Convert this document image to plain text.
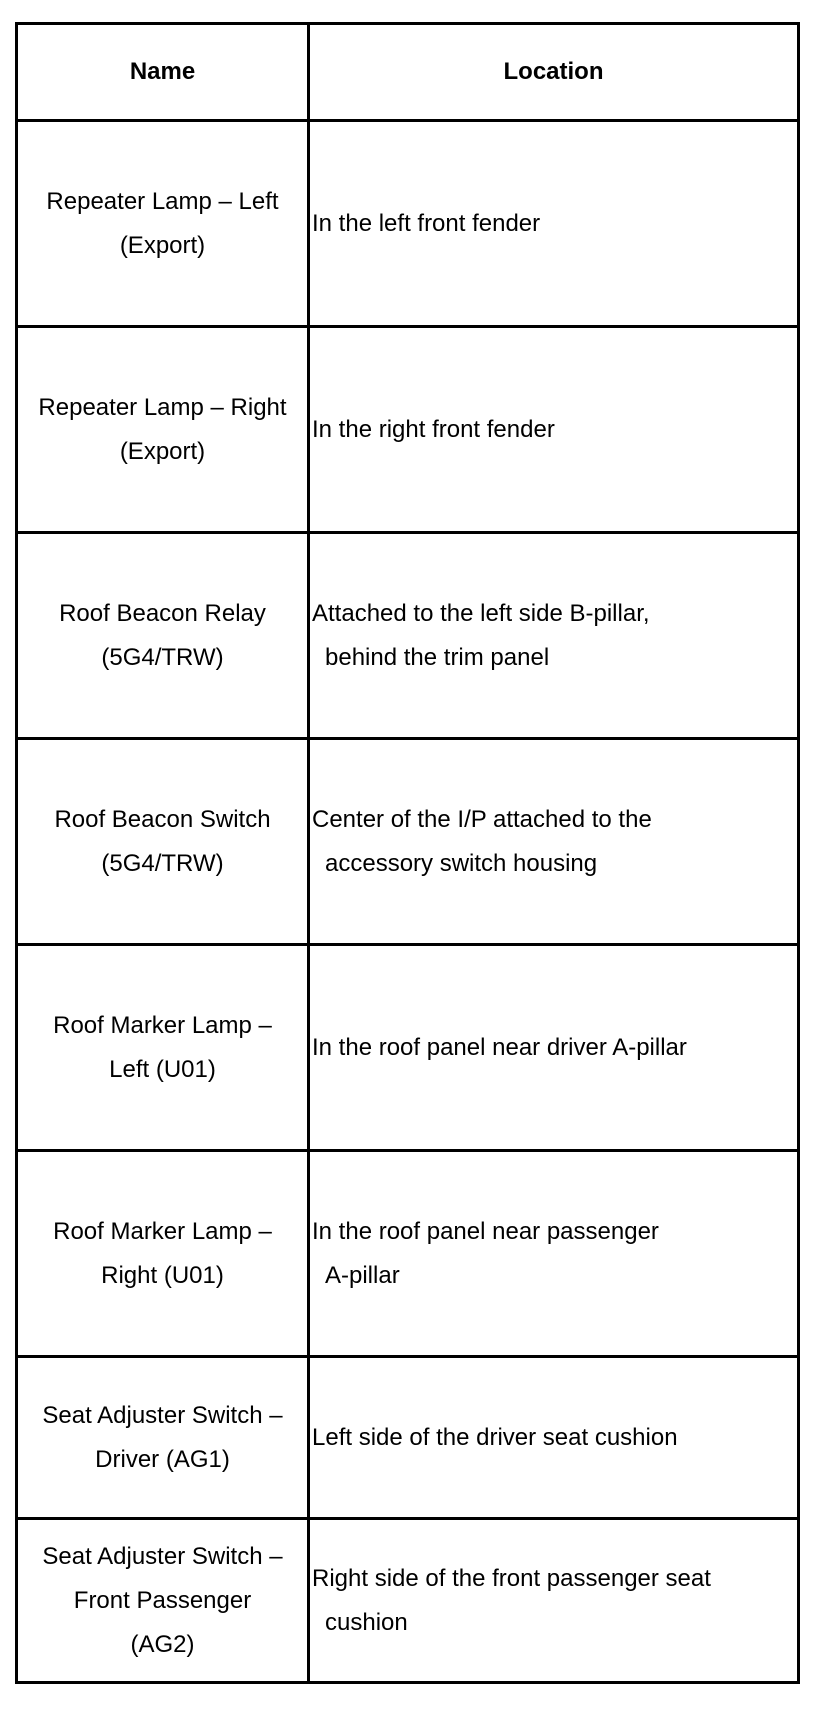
Name	Location

Repeater Lamp – Left
(Export)	In the left front fender

Repeater Lamp – Right
(Export)	In the right front fender

Roof Beacon Relay
(5G4/TRW)	Attached to the left side B-pillar,
behind the trim panel

Roof Beacon Switch
(5G4/TRW)	Center of the I/P attached to the
accessory switch housing

Roof Marker Lamp –
Left (U01)	In the roof panel near driver A-pillar

Roof Marker Lamp –
Right (U01)	In the roof panel near passenger
A-pillar

Seat Adjuster Switch –
Driver (AG1)	Left side of the driver seat cushion

Seat Adjuster Switch –
Front Passenger
(AG2)	Right side of the front passenger seat
cushion
